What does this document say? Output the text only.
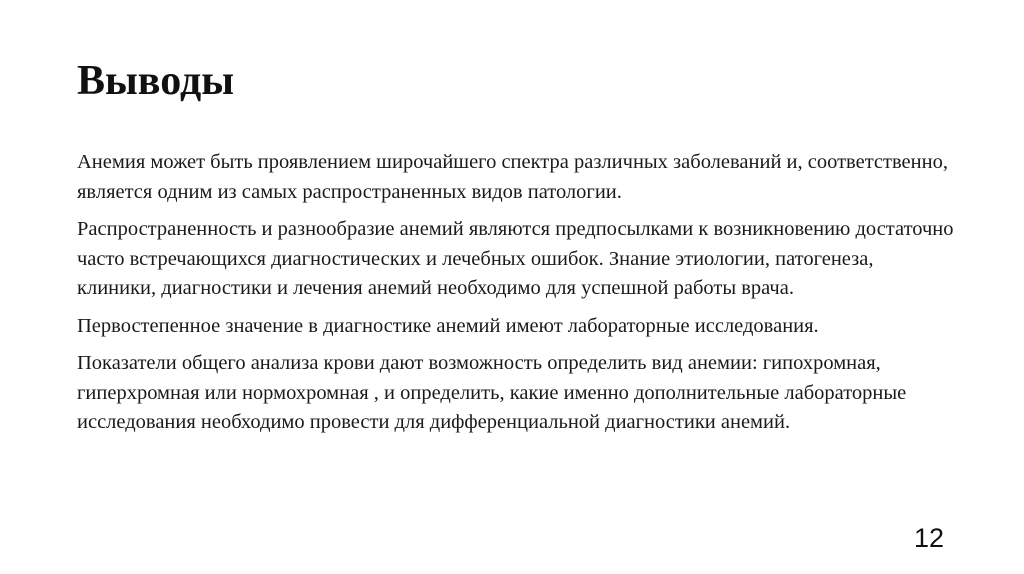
Выводы

Анемия может быть проявлением широчайшего спектра различных заболеваний и, соответственно, является одним из самых распространенных видов патологии.

Распространенность и разнообразие анемий являются предпосылками к возникновению достаточно часто встречающихся диагностических и лечебных ошибок. Знание этиологии, патогенеза, клиники, диагностики и лечения анемий необходимо для успешной работы врача.

Первостепенное значение в диагностике анемий имеют лабораторные исследования.

Показатели общего анализа крови дают возможность определить вид анемии: гипохромная, гиперхромная или нормохромная , и определить, какие именно дополнительные лабораторные исследования необходимо провести для дифференциальной диагностики анемий.

12
